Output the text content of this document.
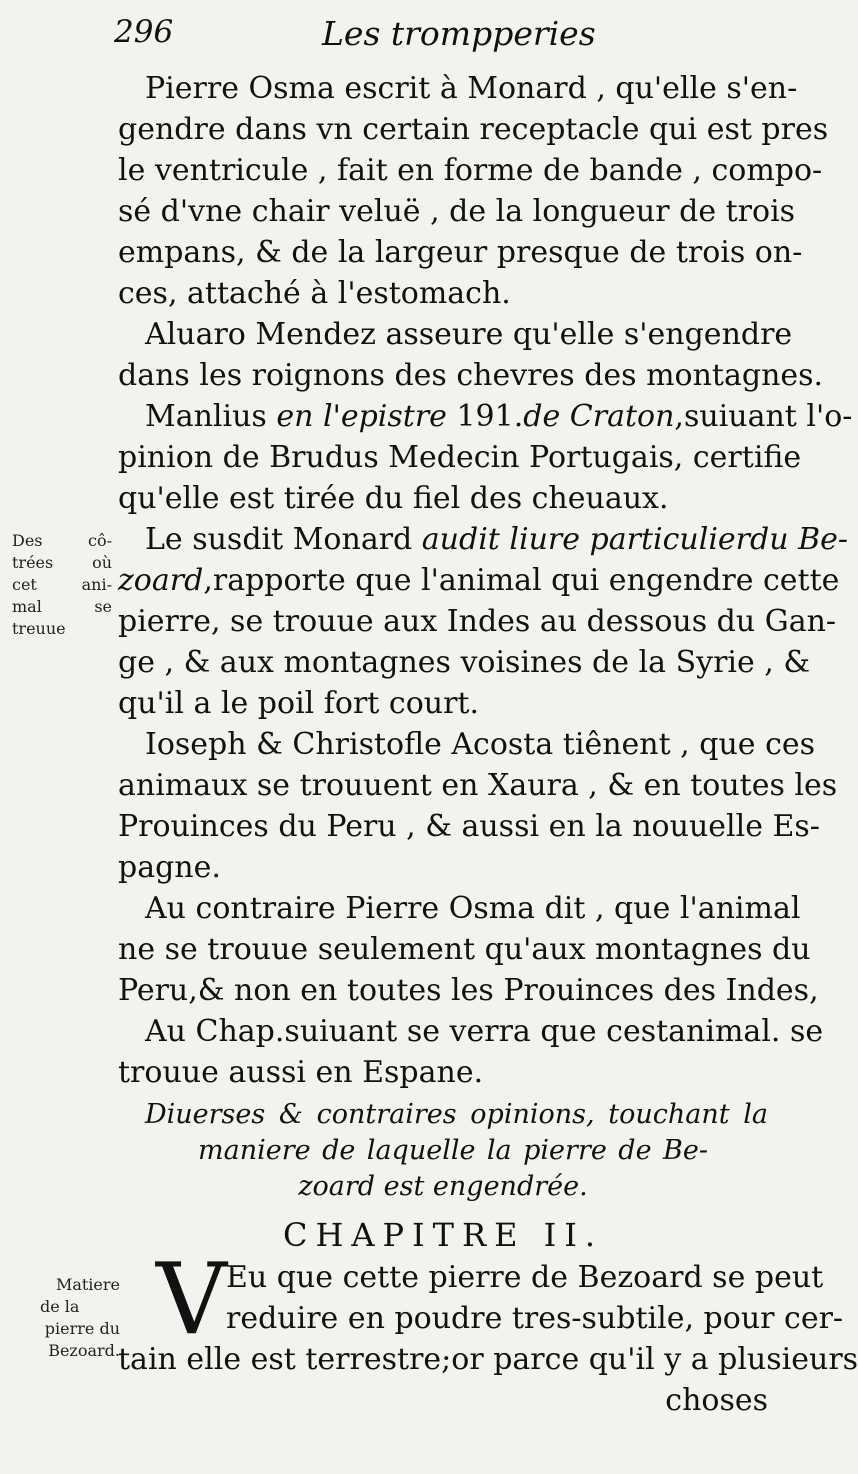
296	Les trompperies
Pierre Osma escrit à Monard , qu'elle s'en-
gendre dans vn certain receptacle qui est pres
le ventricule , fait en forme de bande , compo-
sé d'vne chair veluë , de la longueur de trois
empans, & de la largeur presque de trois on-
ces, attaché à l'estomach.
Aluaro Mendez asseure qu'elle s'engendre
dans les roignons des chevres des montagnes.
Manlius en l'epistre 191.de Craton,suiuant l'o-
pinion de Brudus Medecin Portugais, certifie
qu'elle est tirée du fiel des cheuaux.
Le susdit Monard audit liure particulierdu Be-
zoard,rapporte que l'animal qui engendre cette
pierre, se trouue aux Indes au dessous du Gan-
ge , & aux montagnes voisines de la Syrie , &
qu'il a le poil fort court.
Ioseph & Christofle Acosta tiênent , que ces
animaux se trouuent en Xaura , & en toutes les
Prouinces du Peru , & aussi en la nouuelle Es-
pagne.
Au contraire Pierre Osma dit , que l'animal
ne se trouue seulement qu'aux montagnes du
Peru,& non en toutes les Prouinces des Indes,
Au Chap.suiuant se verra que cestanimal. se
trouue aussi en Espane.
Diuerses & contraires opinions, touchant la
maniere de laquelle la pierre de Be-
zoard est engendrée.
CHAPITRE II.
V Eu que cette pierre de Bezoard se peut
reduire en poudre tres-subtile, pour cer-
tain elle est terrestre;or parce qu'il y a plusieurs
choses
Des cô-
trées où
cet ani-
mal se
treuue
Matiere
de la
pierre du
Bezoard.
